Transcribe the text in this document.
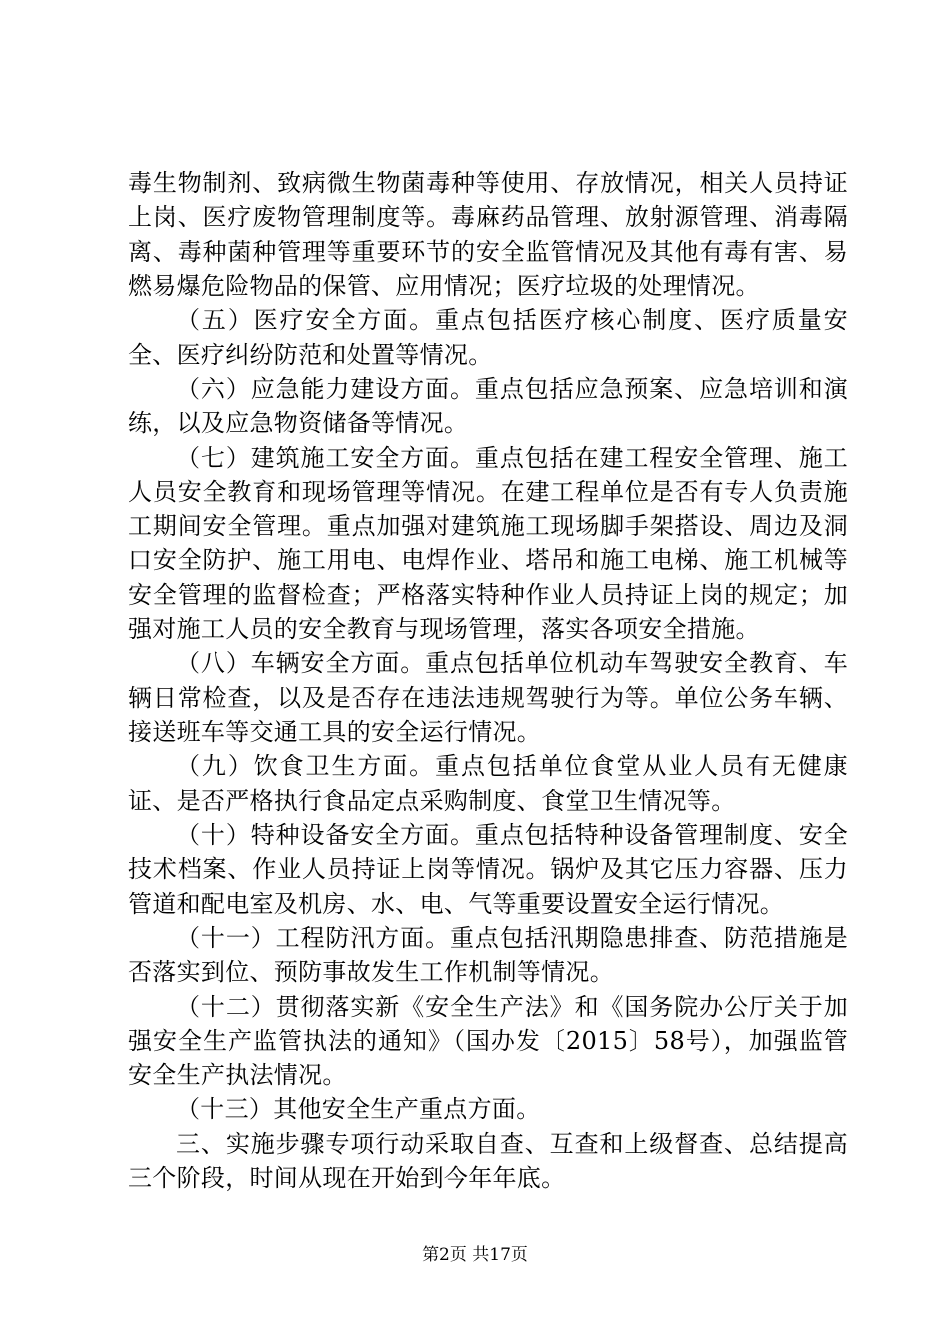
毒生物制剂、致病微生物菌毒种等使用、存放情况，相关人员持证上岗、医疗废物管理制度等。毒麻药品管理、放射源管理、消毒隔离、毒种菌种管理等重要环节的安全监管情况及其他有毒有害、易燃易爆危险物品的保管、应用情况；医疗垃圾的处理情况。

（五）医疗安全方面。重点包括医疗核心制度、医疗质量安全、医疗纠纷防范和处置等情况。

（六）应急能力建设方面。重点包括应急预案、应急培训和演练，以及应急物资储备等情况。

（七）建筑施工安全方面。重点包括在建工程安全管理、施工人员安全教育和现场管理等情况。在建工程单位是否有专人负责施工期间安全管理。重点加强对建筑施工现场脚手架搭设、周边及洞口安全防护、施工用电、电焊作业、塔吊和施工电梯、施工机械等安全管理的监督检查；严格落实特种作业人员持证上岗的规定；加强对施工人员的安全教育与现场管理，落实各项安全措施。

（八）车辆安全方面。重点包括单位机动车驾驶安全教育、车辆日常检查，以及是否存在违法违规驾驶行为等。单位公务车辆、接送班车等交通工具的安全运行情况。

（九）饮食卫生方面。重点包括单位食堂从业人员有无健康证、是否严格执行食品定点采购制度、食堂卫生情况等。

（十）特种设备安全方面。重点包括特种设备管理制度、安全技术档案、作业人员持证上岗等情况。锅炉及其它压力容器、压力管道和配电室及机房、水、电、气等重要设置安全运行情况。

（十一）工程防汛方面。重点包括汛期隐患排查、防范措施是否落实到位、预防事故发生工作机制等情况。

（十二）贯彻落实新《安全生产法》和《国务院办公厅关于加强安全生产监管执法的通知》（国办发〔2015〕58号），加强监管安全生产执法情况。

（十三）其他安全生产重点方面。

三、实施步骤专项行动采取自查、互查和上级督查、总结提高三个阶段，时间从现在开始到今年年底。

第2页 共17页
